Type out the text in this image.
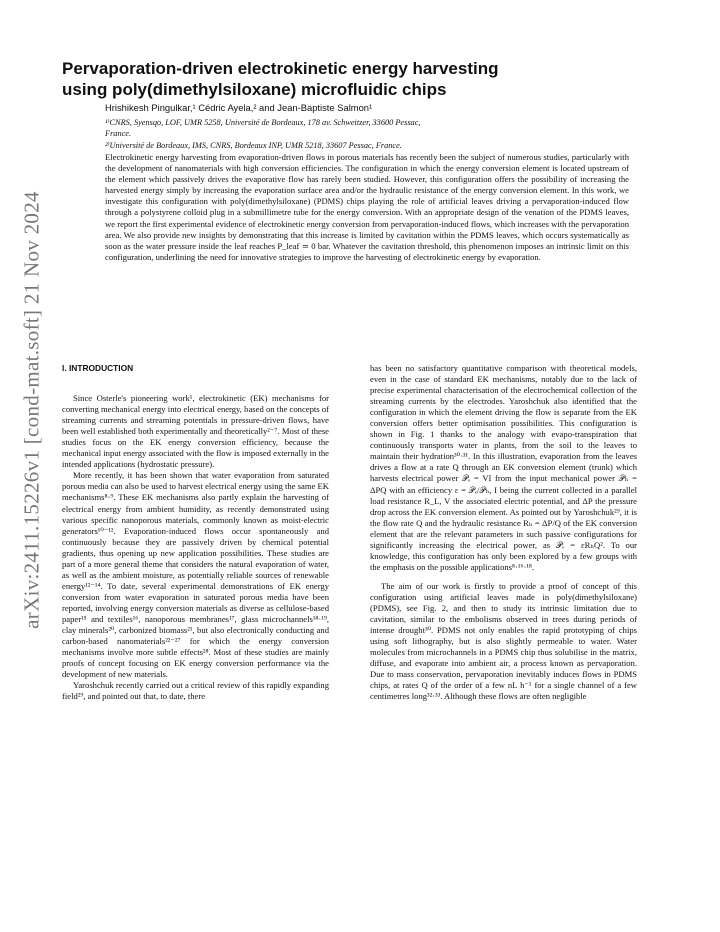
arXiv:2411.15226v1 [cond-mat.soft] 21 Nov 2024
Pervaporation-driven electrokinetic energy harvesting
using poly(dimethylsiloxane) microfluidic chips
Hrishikesh Pingulkar,¹ Cédric Ayela,² and Jean-Baptiste Salmon¹
¹⁾CNRS, Syensqo, LOF, UMR 5258, Université de Bordeaux, 178 av. Schweitzer, 33600 Pessac,
France.
²⁾Université de Bordeaux, IMS, CNRS, Bordeaux INP, UMR 5218, 33607 Pessac, France.

Electrokinetic energy harvesting from evaporation-driven flows in porous materials has recently been the subject of numerous studies, particularly with the development of nanomaterials with high conversion efficiencies. The configuration in which the energy conversion element is located upstream of the element which passively drives the evaporative flow has rarely been studied. However, this configuration offers the possibility of increasing the harvested energy simply by increasing the evaporation surface area and/or the hydraulic resistance of the energy conversion element. In this work, we investigate this configuration with poly(dimethylsiloxane) (PDMS) chips playing the role of artificial leaves driving a pervaporation-induced flow through a polystyrene colloid plug in a submillimetre tube for the energy conversion. With an appropriate design of the venation of the PDMS leaves, we report the first experimental evidence of electrokinetic energy conversion from pervaporation-induced flows, which increases with the pervaporation area. We also provide new insights by demonstrating that this increase is limited by cavitation within the PDMS leaves, which occurs systematically as soon as the water pressure inside the leaf reaches P_leaf ≃ 0 bar. Whatever the cavitation threshold, this phenomenon imposes an intrinsic limit on this configuration, underlining the need for innovative strategies to improve the harvesting of electrokinetic energy by evaporation.

I. INTRODUCTION

Since Osterle's pioneering work¹, electrokinetic (EK) mechanisms for converting mechanical energy into electrical energy, based on the concepts of streaming currents and streaming potentials in pressure-driven flows, have been well established both experimentally and theoretically²⁻⁷. Most of these studies focus on the EK energy conversion efficiency, because the mechanical input energy associated with the flow is imposed externally in the intended applications (hydrostatic pressure).

More recently, it has been shown that water evaporation from saturated porous media can also be used to harvest electrical energy using the same EK mechanisms⁸·⁹. These EK mechanisms also partly explain the harvesting of electrical energy from ambient humidity, as recently demonstrated using various specific nanoporous materials, commonly known as moist-electric generators¹⁰⁻¹². Evaporation-induced flows occur spontaneously and continuously because they are passively driven by chemical potential gradients, thus opening up new application possibilities. These studies are part of a more general theme that considers the natural evaporation of water, as well as the ambient moisture, as potentially reliable sources of renewable energy¹²⁻¹⁴. To date, several experimental demonstrations of EK energy conversion from water evaporation in saturated porous media have been reported, involving energy conversion materials as diverse as cellulose-based paper¹⁵ and textiles¹⁶, nanoporous membranes¹⁷, glass microchannels¹⁸·¹⁹, clay minerals²⁰, carbonized biomass²¹, but also electronically conducting and carbon-based nanomaterials²²⁻²⁷ for which the energy conversion mechanisms involve more subtle effects²⁸. Most of these studies are mainly proofs of concept focusing on EK energy conversion performance via the development of new materials.

Yaroshchuk recently carried out a critical review of this rapidly expanding field²⁹, and pointed out that, to date, there

has been no satisfactory quantitative comparison with theoretical models, even in the case of standard EK mechanisms, notably due to the lack of precise experimental characterisation of the electrochemical collection of the streaming currents by the electrodes. Yaroshchuk also identified that the configuration in which the element driving the flow is separate from the EK conversion offers better optimisation possibilities. This configuration is shown in Fig. 1 thanks to the analogy with evapo-transpiration that continuously transports water in plants, from the soil to the leaves to maintain their hydration³⁰·³¹. In this illustration, evaporation from the leaves drives a flow at a rate Q through an EK conversion element (trunk) which harvests electrical power 𝒫ₑ = VI from the input mechanical power 𝒫ₕ = ΔPQ with an efficiency ε = 𝒫ₑ/𝒫ₕ, I being the current collected in a parallel load resistance R_L, V the associated electric potential, and ΔP the pressure drop across the EK conversion element. As pointed out by Yaroshchuk²⁹, it is the flow rate Q and the hydraulic resistance Rₕ = ΔP/Q of the EK conversion element that are the relevant parameters in such passive configurations for significantly increasing the electrical power, as 𝒫ₑ = εRₕQ². To our knowledge, this configuration has only been explored by a few groups with the emphasis on the possible applications⁸·¹⁶·¹⁸.

The aim of our work is firstly to provide a proof of concept of this configuration using artificial leaves made in poly(dimethylsiloxane) (PDMS), see Fig. 2, and then to study its intrinsic limitation due to cavitation, similar to the embolisms observed in trees during periods of intense drought³⁰. PDMS not only enables the rapid prototyping of chips using soft lithography, but is also slightly permeable to water. Water molecules from microchannels in a PDMS chip thus solubilise in the matrix, diffuse, and evaporate into ambient air, a process known as pervaporation. Due to mass conservation, pervaporation inevitably induces flows in PDMS chips, at rates Q of the order of a few nL h⁻¹ for a single channel of a few centimetres long³²·³³. Although these flows are often negligible
